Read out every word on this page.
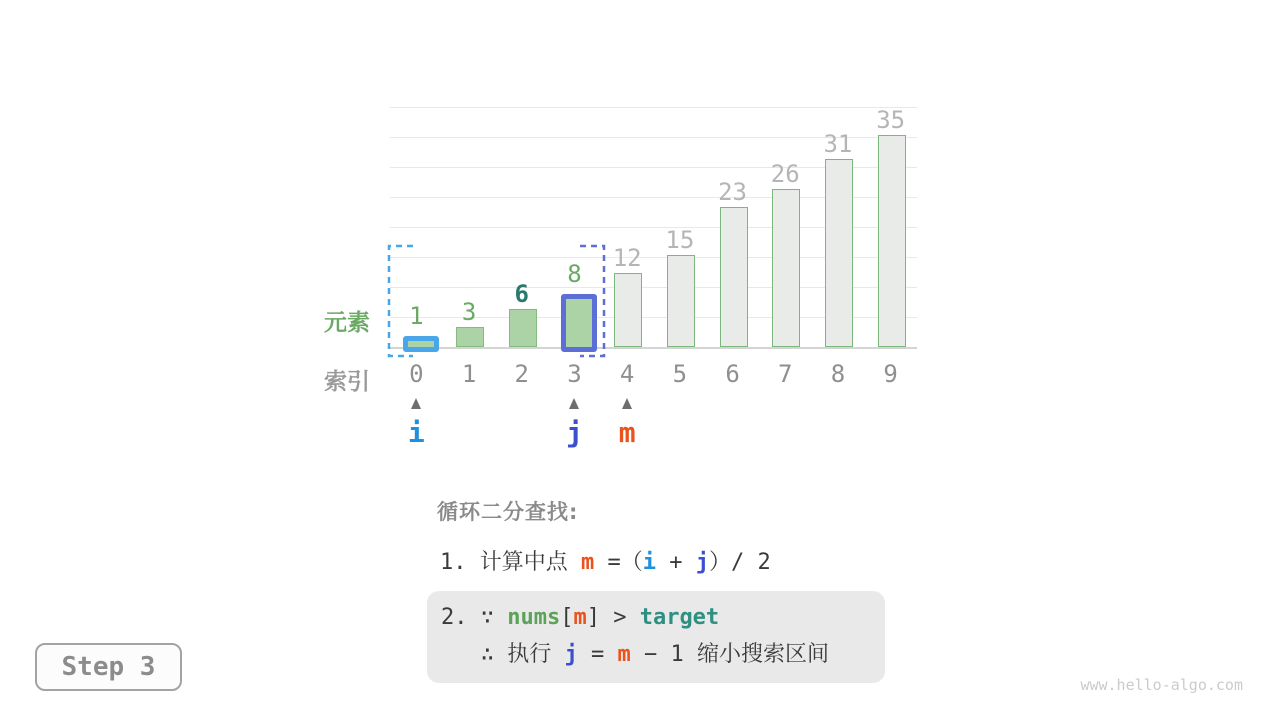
元素
索引
1 3
6
8
12
15
23
26
31
35
0 1 2 3 4 5 6 7 8 9
i	j m
循环二分查找:
1. 计算中点 m =（i + j）/ 2
2. ∵ nums[m] > target
∴ 执行 j = m − 1 缩小搜索区间
Step 3
www.hello-algo.com
